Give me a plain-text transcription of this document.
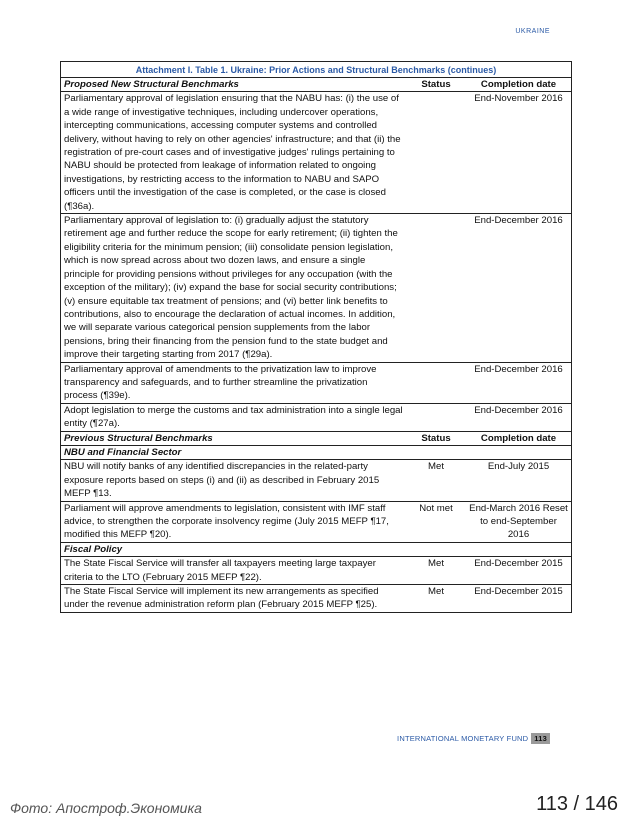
UKRAINE
Attachment I. Table 1. Ukraine: Prior Actions and Structural Benchmarks (continues)
Proposed New Structural Benchmarks	Status	Completion date
Parliamentary approval of legislation ensuring that the NABU has: (i) the use of a wide range of investigative techniques, including undercover operations, intercepting communications, accessing computer systems and controlled delivery, without having to rely on other agencies' infrastructure; and that (ii) the registration of pre-court cases and of investigative judges' rulings pertaining to NABU should be protected from leakage of information related to ongoing investigations, by restricting access to the information to NABU and SAPO officers until the investigation of the case is completed, or the case is closed (¶36a).		End-November 2016
Parliamentary approval of legislation to: (i) gradually adjust the statutory retirement age and further reduce the scope for early retirement; (ii) tighten the eligibility criteria for the minimum pension; (iii) consolidate pension legislation, which is now spread across about two dozen laws, and ensure a single principle for providing pensions without privileges for any occupation (with the exception of the military); (iv) expand the base for social security contributions; (v) ensure equitable tax treatment of pensions; and (vi) better link benefits to contributions, also to encourage the declaration of actual incomes. In addition, we will separate various categorical pension supplements from the labor pensions, bring their financing from the pension fund to the state budget and improve their targeting starting from 2017 (¶29a).		End-December 2016
Parliamentary approval of amendments to the privatization law to improve transparency and safeguards, and to further streamline the privatization process (¶39e).		End-December 2016
Adopt legislation to merge the customs and tax administration into a single legal entity (¶27a).		End-December 2016
Previous Structural Benchmarks	Status	Completion date
NBU and Financial Sector		
NBU will notify banks of any identified discrepancies in the related-party exposure reports based on steps (i) and (ii) as described in February 2015 MEFP ¶13.	Met	End-July 2015
Parliament will approve amendments to legislation, consistent with IMF staff advice, to strengthen the corporate insolvency regime (July 2015 MEFP ¶17, modified this MEFP ¶20).	Not met	End-March 2016 Reset to end-September 2016
Fiscal Policy		
The State Fiscal Service will transfer all taxpayers meeting large taxpayer criteria to the LTO (February 2015 MEFP ¶22).	Met	End-December 2015
The State Fiscal Service will implement its new arrangements as specified under the revenue administration reform plan (February 2015 MEFP ¶25).	Met	End-December 2015
INTERNATIONAL MONETARY FUND 113
Фото: Апостроф.Экономика	113 / 146
